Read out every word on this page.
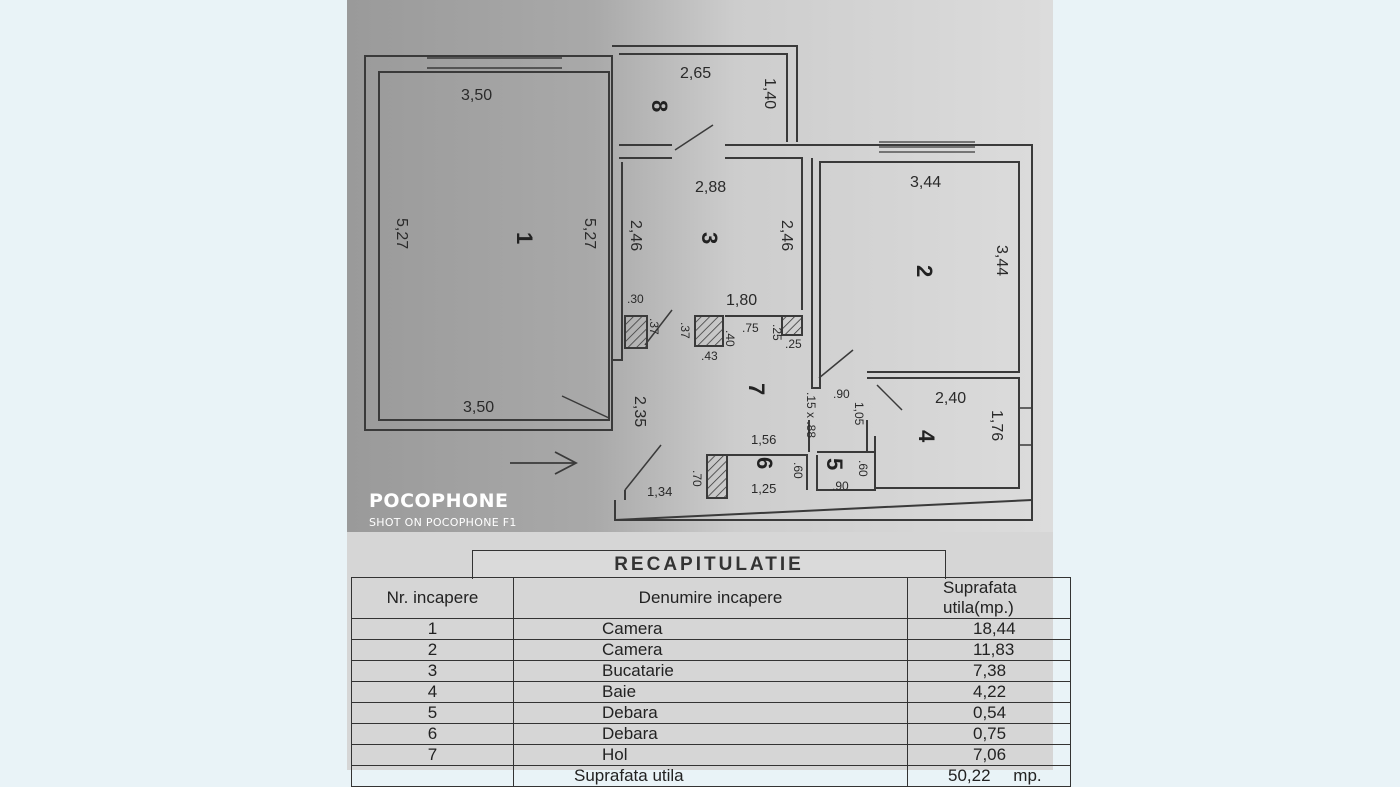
1
2
3
4
5
6
7
8
3,50
3,50
2,65
2,88
1,80
3,44
2,40
1,56
1,34	1,25
.30
.43
.75
.25
.90
.90
5,27	5,27
1,40
2,46	2,46
3,44
1,76
2,35
.37 .37	.40	.25
1,05
.15 x .88
.70	.60	.60
POCOPHONE
SHOT ON POCOPHONE F1
RECAPITULATIE
Nr. incapere	Denumire incapere	Suprafata utila(mp.)
1	Camera	18,44
2	Camera	11,83
3	Bucatarie	7,38
4	Baie	4,22
5	Debara	0,54
6	Debara	0,75
7	Hol	7,06
	Suprafata utila	50,22 mp.
